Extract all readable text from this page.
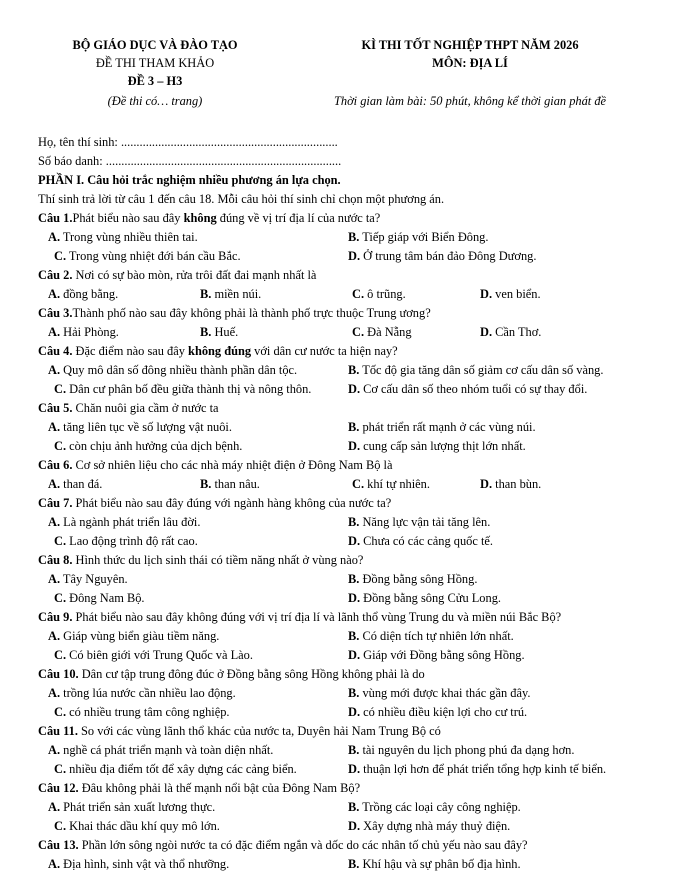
BỘ GIÁO DỤC VÀ ĐÀO TẠO
ĐỀ THI THAM KHẢO
ĐỀ 3 – H3
(Đề thi có… trang)
KÌ THI TỐT NGHIỆP THPT NĂM 2026
MÔN: ĐỊA LÍ
Thời gian làm bài: 50 phút, không kể thời gian phát đề
Họ, tên thí sinh: ......................................................................
Số báo danh: ............................................................................
PHẦN I. Câu hỏi trắc nghiệm nhiều phương án lựa chọn.
Thí sinh trả lời từ câu 1 đến câu 18. Mỗi câu hỏi thí sinh chỉ chọn một phương án.
Câu 1.Phát biểu nào sau đây không đúng về vị trí địa lí của nước ta?
A. Trong vùng nhiều thiên tai.	B. Tiếp giáp với Biển Đông.
C. Trong vùng nhiệt đới bán cầu Bắc.	D. Ở trung tâm bán đảo Đông Dương.
Câu 2. Nơi có sự bào mòn, rửa trôi đất đai mạnh nhất là
A. đồng bằng.	B. miền núi.	C. ô trũng.	D. ven biển.
Câu 3.Thành phố nào sau đây không phải là thành phố trực thuộc Trung ương?
A. Hải Phòng.	B. Huế.	C. Đà Nẵng	D. Cần Thơ.
Câu 4. Đặc điểm nào sau đây không đúng với dân cư nước ta hiện nay?
A. Quy mô dân số đông nhiều thành phần dân tộc.	B. Tốc độ gia tăng dân số giảm cơ cấu dân số vàng.
C. Dân cư phân bố đều giữa thành thị và nông thôn.	D. Cơ cấu dân số theo nhóm tuổi có sự thay đổi.
Câu 5. Chăn nuôi gia cầm ở nước ta
A. tăng liên tục về số lượng vật nuôi.	B. phát triển rất mạnh ở các vùng núi.
C. còn chịu ảnh hưởng của dịch bệnh.	D. cung cấp sản lượng thịt lớn nhất.
Câu 6. Cơ sở nhiên liệu cho các nhà máy nhiệt điện ở Đông Nam Bộ là
A. than đá.	B. than nâu.	C. khí tự nhiên.	D. than bùn.
Câu 7. Phát biểu nào sau đây đúng với ngành hàng không của nước ta?
A. Là ngành phát triển lâu đời.	B. Năng lực vận tải tăng lên.
C. Lao động trình độ rất cao.	D. Chưa có các cảng quốc tế.
Câu 8. Hình thức du lịch sinh thái có tiềm năng nhất ở vùng nào?
A. Tây Nguyên.	B. Đồng bằng sông Hồng.
C. Đông Nam Bộ.	D. Đồng bằng sông Cửu Long.
Câu 9. Phát biểu nào sau đây không đúng với vị trí địa lí và lãnh thổ vùng Trung du và miền núi Bắc Bộ?
A. Giáp vùng biển giàu tiềm năng.	B. Có diện tích tự nhiên lớn nhất.
C. Có biên giới với Trung Quốc và Lào.	D. Giáp với Đồng bằng sông Hồng.
Câu 10. Dân cư tập trung đông đúc ở Đồng bằng sông Hồng không phải là do
A. trồng lúa nước cần nhiều lao động.	B. vùng mới được khai thác gần đây.
C. có nhiều trung tâm công nghiệp.	D. có nhiều điều kiện lợi cho cư trú.
Câu 11. So với các vùng lãnh thổ khác của nước ta, Duyên hải Nam Trung Bộ có
A. nghề cá phát triển mạnh và toàn diện nhất.	B. tài nguyên du lịch phong phú đa dạng hơn.
C. nhiều địa điểm tốt để xây dựng các cảng biển.	D. thuận lợi hơn để phát triển tổng hợp kinh tế biển.
Câu 12. Đâu không phải là thế mạnh nổi bật của Đông Nam Bộ?
A. Phát triển sản xuất lương thực.	B. Trồng các loại cây công nghiệp.
C. Khai thác dầu khí quy mô lớn.	D. Xây dựng nhà máy thuỷ điện.
Câu 13. Phần lớn sông ngòi nước ta có đặc điểm ngắn và dốc do các nhân tố chủ yếu nào sau đây?
A. Địa hình, sinh vật và thổ nhưỡng.	B. Khí hậu và sự phân bố địa hình.
